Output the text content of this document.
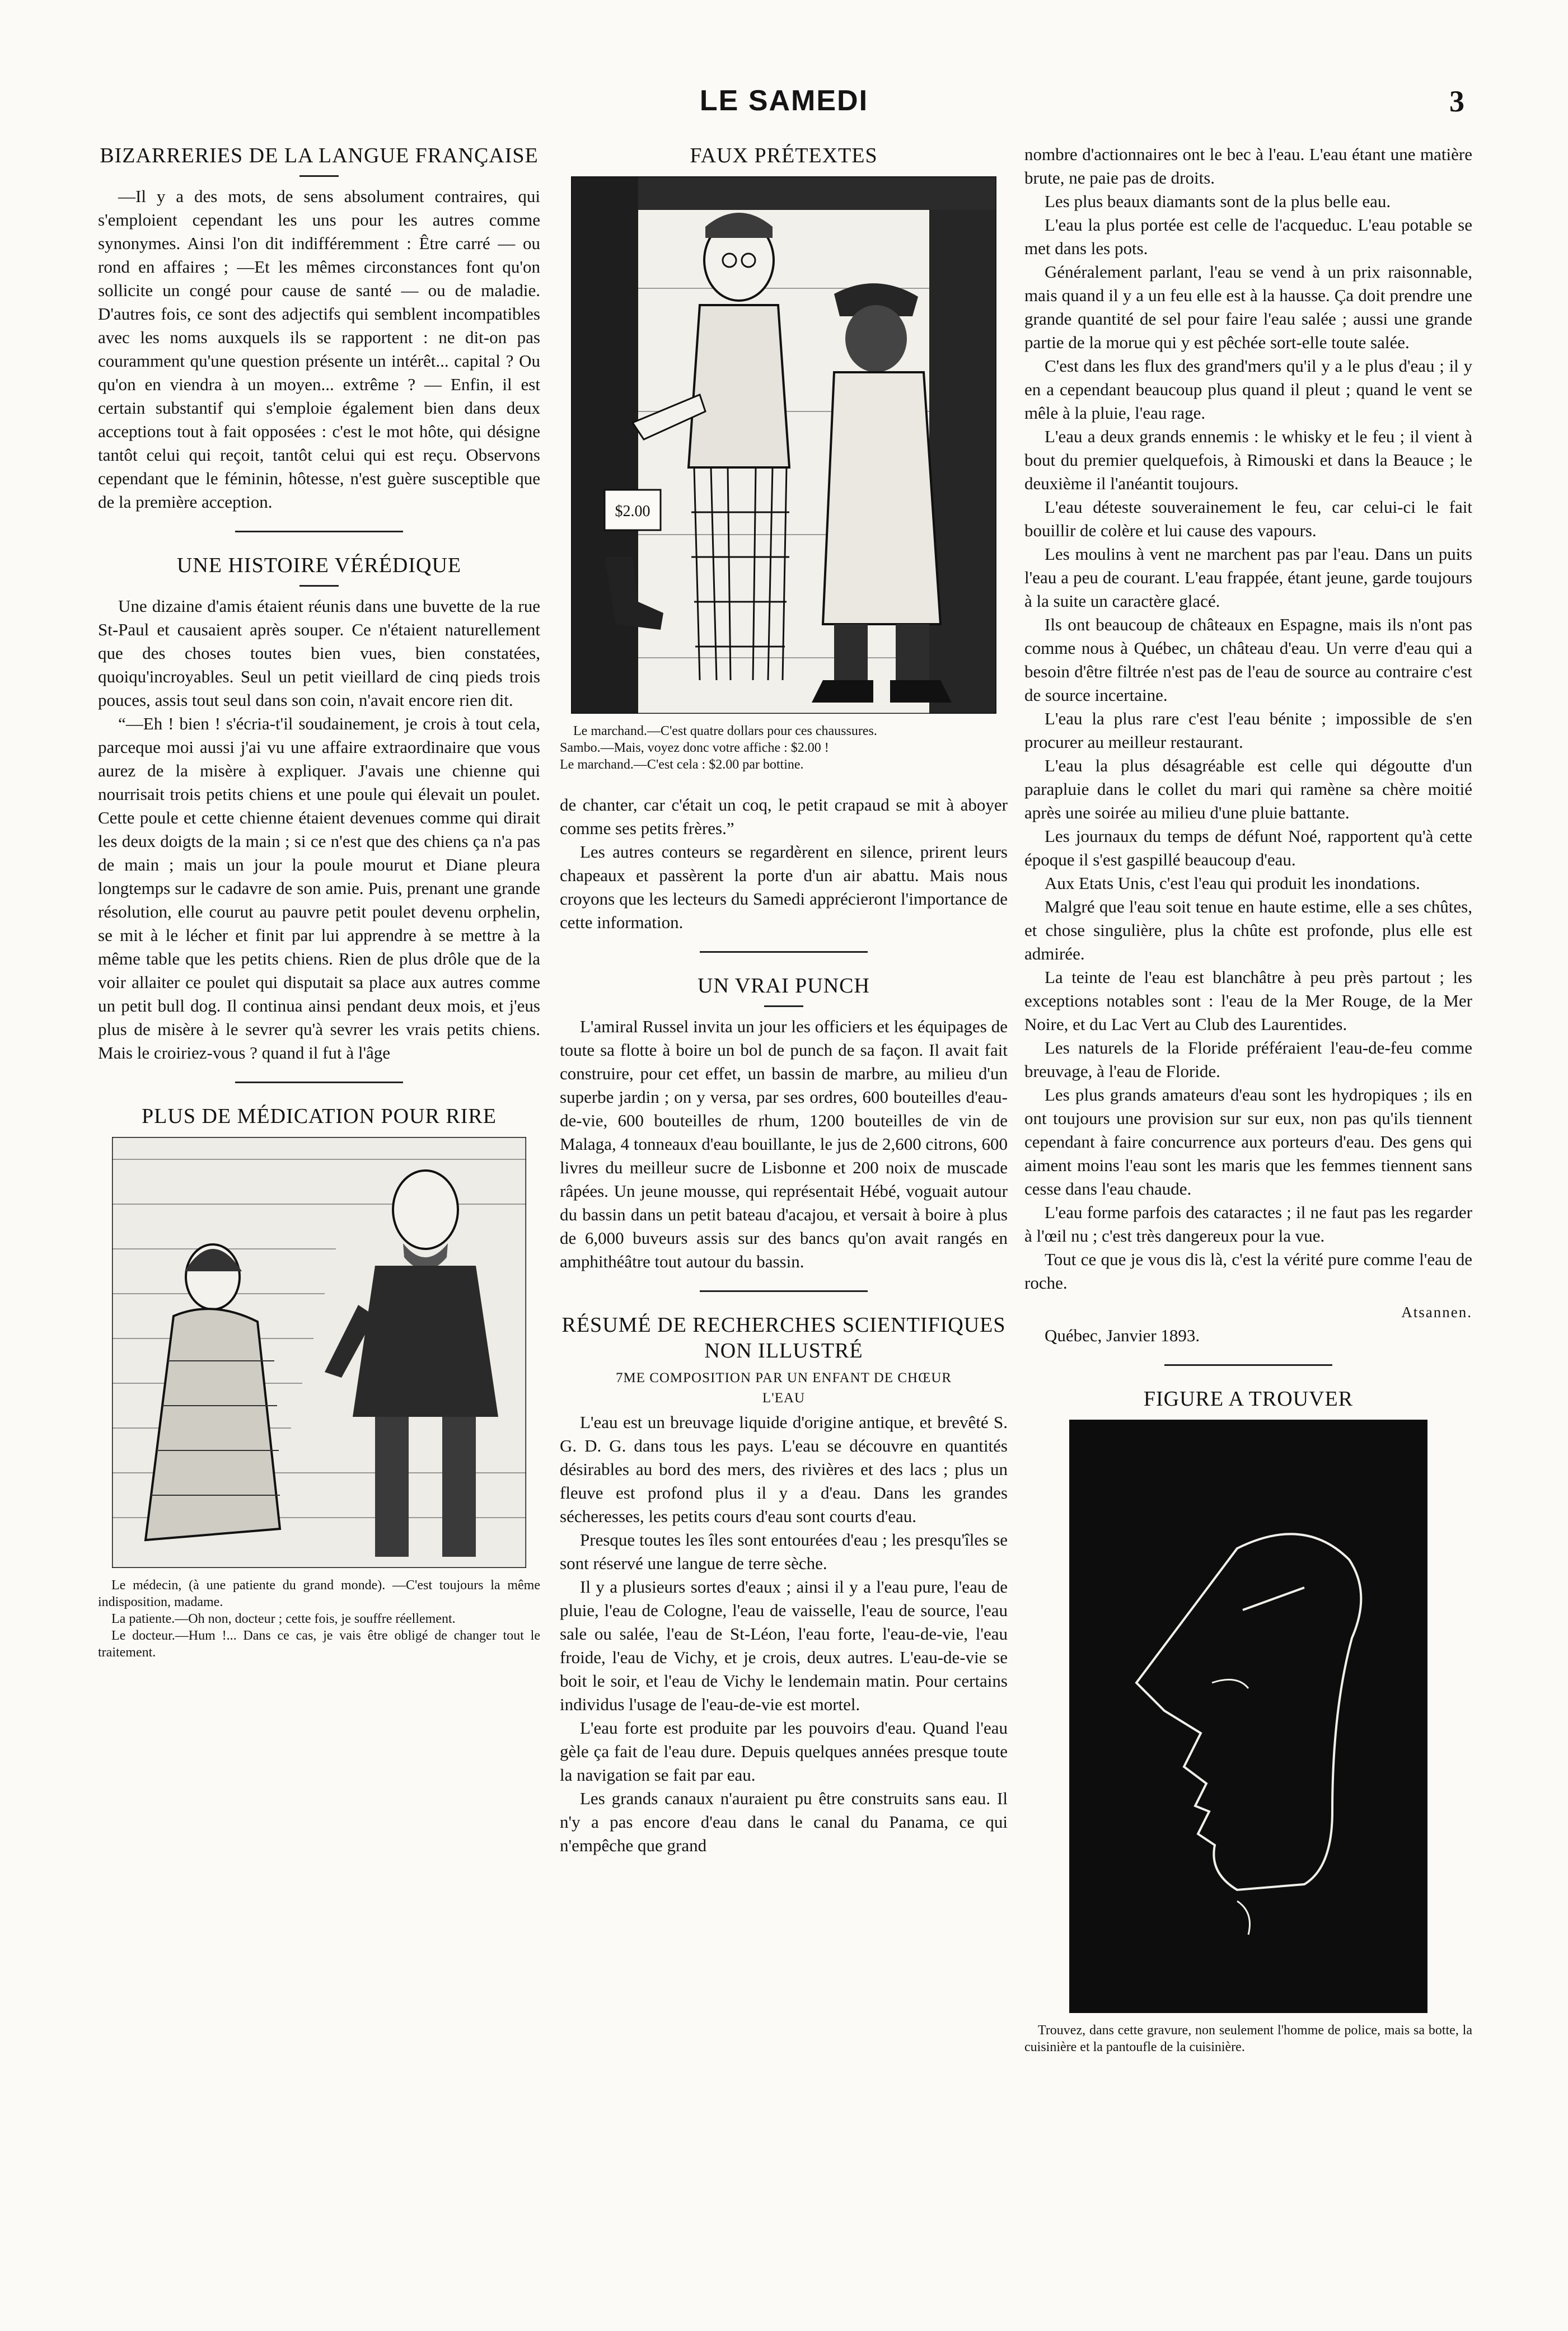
LE SAMEDI	3
BIZARRERIES DE LA LANGUE FRANÇAISE

—Il y a des mots, de sens absolument contraires, qui s'emploient cependant les uns pour les autres comme synonymes. Ainsi l'on dit indifféremment : Être carré — ou rond en affaires ; —Et les mêmes circonstances font qu'on sollicite un congé pour cause de santé — ou de maladie. D'autres fois, ce sont des adjectifs qui semblent incompatibles avec les noms auxquels ils se rapportent : ne dit-on pas couramment qu'une question présente un intérêt... capital ? Ou qu'on en viendra à un moyen... extrême ? — Enfin, il est certain substantif qui s'emploie également bien dans deux acceptions tout à fait opposées : c'est le mot hôte, qui désigne tantôt celui qui reçoit, tantôt celui qui est reçu. Observons cependant que le féminin, hôtesse, n'est guère susceptible que de la première acception.

UNE HISTOIRE VÉRÉDIQUE

Une dizaine d'amis étaient réunis dans une buvette de la rue St-Paul et causaient après souper. Ce n'étaient naturellement que des choses toutes bien vues, bien constatées, quoiqu'incroyables. Seul un petit vieillard de cinq pieds trois pouces, assis tout seul dans son coin, n'avait encore rien dit.

“—Eh ! bien ! s'écria-t'il soudainement, je crois à tout cela, parceque moi aussi j'ai vu une affaire extraordinaire que vous aurez de la misère à expliquer. J'avais une chienne qui nourrisait trois petits chiens et une poule qui élevait un poulet. Cette poule et cette chienne étaient devenues comme qui dirait les deux doigts de la main ; si ce n'est que des chiens ça n'a pas de main ; mais un jour la poule mourut et Diane pleura longtemps sur le cadavre de son amie. Puis, prenant une grande résolution, elle courut au pauvre petit poulet devenu orphelin, se mit à le lécher et finit par lui apprendre à se mettre à la même table que les petits chiens. Rien de plus drôle que de la voir allaiter ce poulet qui disputait sa place aux autres comme un petit bull dog. Il continua ainsi pendant deux mois, et j'eus plus de misère à le sevrer qu'à sevrer les vrais petits chiens. Mais le croiriez-vous ? quand il fut à l'âge

PLUS DE MÉDICATION POUR RIRE

Le médecin, (à une patiente du grand monde). —C'est toujours la même indisposition, madame.

La patiente.—Oh non, docteur ; cette fois, je souffre réellement.

Le docteur.—Hum !... Dans ce cas, je vais être obligé de changer tout le traitement.

FAUX PRÉTEXTES
$2.00

Le marchand.—C'est quatre dollars pour ces chaussures.

Sambo.—Mais, voyez donc votre affiche : $2.00 !

Le marchand.—C'est cela : $2.00 par bottine.

de chanter, car c'était un coq, le petit crapaud se mit à aboyer comme ses petits frères.”

Les autres conteurs se regardèrent en silence, prirent leurs chapeaux et passèrent la porte d'un air abattu. Mais nous croyons que les lecteurs du Samedi apprécieront l'importance de cette information.

UN VRAI PUNCH

L'amiral Russel invita un jour les officiers et les équipages de toute sa flotte à boire un bol de punch de sa façon. Il avait fait construire, pour cet effet, un bassin de marbre, au milieu d'un superbe jardin ; on y versa, par ses ordres, 600 bouteilles d'eau-de-vie, 600 bouteilles de rhum, 1200 bouteilles de vin de Malaga, 4 tonneaux d'eau bouillante, le jus de 2,600 citrons, 600 livres du meilleur sucre de Lisbonne et 200 noix de muscade râpées. Un jeune mousse, qui représentait Hébé, voguait autour du bassin dans un petit bateau d'acajou, et versait à boire à plus de 6,000 buveurs assis sur des bancs qu'on avait rangés en amphithéâtre tout autour du bassin.

RÉSUMÉ DE RECHERCHES SCIENTIFIQUES NON ILLUSTRÉ
7ME COMPOSITION PAR UN ENFANT DE CHŒUR
L'EAU

L'eau est un breuvage liquide d'origine antique, et brevêté S. G. D. G. dans tous les pays. L'eau se découvre en quantités désirables au bord des mers, des rivières et des lacs ; plus un fleuve est profond plus il y a d'eau. Dans les grandes sécheresses, les petits cours d'eau sont courts d'eau.

Presque toutes les îles sont entourées d'eau ; les presqu'îles se sont réservé une langue de terre sèche.

Il y a plusieurs sortes d'eaux ; ainsi il y a l'eau pure, l'eau de pluie, l'eau de Cologne, l'eau de vaisselle, l'eau de source, l'eau sale ou salée, l'eau de St-Léon, l'eau forte, l'eau-de-vie, l'eau froide, l'eau de Vichy, et je crois, deux autres. L'eau-de-vie se boit le soir, et l'eau de Vichy le lendemain matin. Pour certains individus l'usage de l'eau-de-vie est mortel.

L'eau forte est produite par les pouvoirs d'eau. Quand l'eau gèle ça fait de l'eau dure. Depuis quelques années presque toute la navigation se fait par eau.

Les grands canaux n'auraient pu être construits sans eau. Il n'y a pas encore d'eau dans le canal du Panama, ce qui n'empêche que grand

nombre d'actionnaires ont le bec à l'eau. L'eau étant une matière brute, ne paie pas de droits.

Les plus beaux diamants sont de la plus belle eau.

L'eau la plus portée est celle de l'acqueduc. L'eau potable se met dans les pots.

Généralement parlant, l'eau se vend à un prix raisonnable, mais quand il y a un feu elle est à la hausse. Ça doit prendre une grande quantité de sel pour faire l'eau salée ; aussi une grande partie de la morue qui y est pêchée sort-elle toute salée.

C'est dans les flux des grand'mers qu'il y a le plus d'eau ; il y en a cependant beaucoup plus quand il pleut ; quand le vent se mêle à la pluie, l'eau rage.

L'eau a deux grands ennemis : le whisky et le feu ; il vient à bout du premier quelquefois, à Rimouski et dans la Beauce ; le deuxième il l'anéantit toujours.

L'eau déteste souverainement le feu, car celui-ci le fait bouillir de colère et lui cause des vapours.

Les moulins à vent ne marchent pas par l'eau. Dans un puits l'eau a peu de courant. L'eau frappée, étant jeune, garde toujours à la suite un caractère glacé.

Ils ont beaucoup de châteaux en Espagne, mais ils n'ont pas comme nous à Québec, un château d'eau. Un verre d'eau qui a besoin d'être filtrée n'est pas de l'eau de source au contraire c'est de source incertaine.

L'eau la plus rare c'est l'eau bénite ; impossible de s'en procurer au meilleur restaurant.

L'eau la plus désagréable est celle qui dégoutte d'un parapluie dans le collet du mari qui ramène sa chère moitié après une soirée au milieu d'une pluie battante.

Les journaux du temps de défunt Noé, rapportent qu'à cette époque il s'est gaspillé beaucoup d'eau.

Aux Etats Unis, c'est l'eau qui produit les inondations.

Malgré que l'eau soit tenue en haute estime, elle a ses chûtes, et chose singulière, plus la chûte est profonde, plus elle est admirée.

La teinte de l'eau est blanchâtre à peu près partout ; les exceptions notables sont : l'eau de la Mer Rouge, de la Mer Noire, et du Lac Vert au Club des Laurentides.

Les naturels de la Floride préféraient l'eau-de-feu comme breuvage, à l'eau de Floride.

Les plus grands amateurs d'eau sont les hydropiques ; ils en ont toujours une provision sur sur eux, non pas qu'ils tiennent cependant à faire concurrence aux porteurs d'eau. Des gens qui aiment moins l'eau sont les maris que les femmes tiennent sans cesse dans l'eau chaude.

L'eau forme parfois des cataractes ; il ne faut pas les regarder à l'œil nu ; c'est très dangereux pour la vue.

Tout ce que je vous dis là, c'est la vérité pure comme l'eau de roche.

Atsannen.

Québec, Janvier 1893.

FIGURE A TROUVER

Trouvez, dans cette gravure, non seulement l'homme de police, mais sa botte, la cuisinière et la pantoufle de la cuisinière.
